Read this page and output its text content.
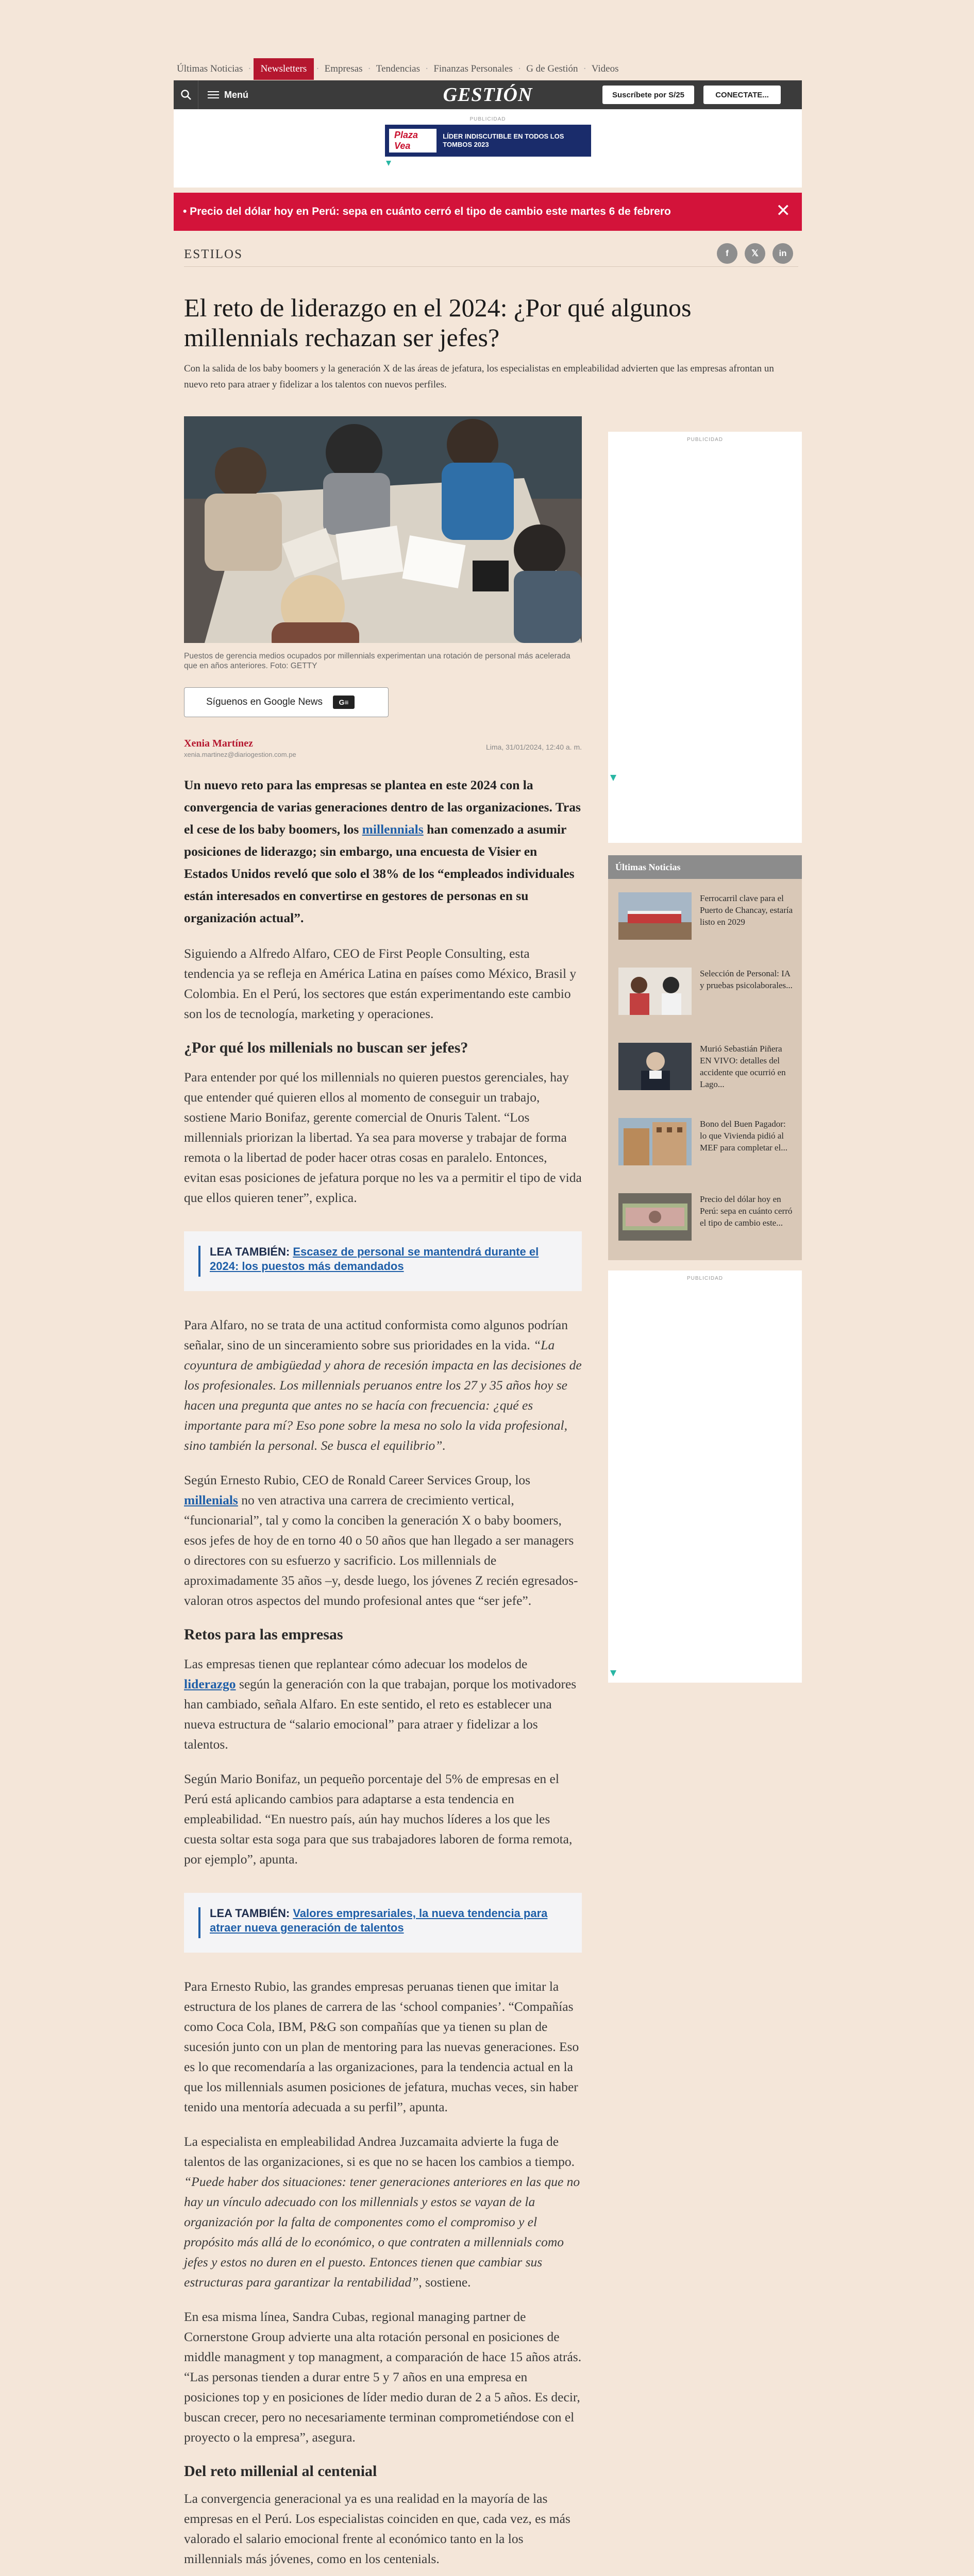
Últimas Noticias · Newsletters · Empresas · Tendencias · Finanzas Personales · G de Gestión · Videos
Menú	GESTIÓN	Suscríbete por S/25	CONECTATE...
PUBLICIDAD
Plaza Vea
LÍDER INDISCUTIBLE EN TODOS LOS TOMBOS 2023
• Precio del dólar hoy en Perú: sepa en cuánto cerró el tipo de cambio este martes 6 de febrero	✕
ESTILOS	f	𝕏	in
El reto de liderazgo en el 2024: ¿Por qué algunos millennials rechazan ser jefes?

Con la salida de los baby boomers y la generación X de las áreas de jefatura, los especialistas en empleabilidad advierten que las empresas afrontan un nuevo reto para atraer y fidelizar a los talentos con nuevos perfiles.

Puestos de gerencia medios ocupados por millennials experimentan una rotación de personal más acelerada que en años anteriores. Foto: GETTY

Síguenos en Google News	G≡
Xenia Martínez
xenia.martinez@diariogestion.com.pe
Lima, 31/01/2024, 12:40 a. m.

Un nuevo reto para las empresas se plantea en este 2024 con la convergencia de varias generaciones dentro de las organizaciones. Tras el cese de los baby boomers, los millennials han comenzado a asumir posiciones de liderazgo; sin embargo, una encuesta de Visier en Estados Unidos reveló que solo el 38% de los “empleados individuales están interesados en convertirse en gestores de personas en su organización actual”.

Siguiendo a Alfredo Alfaro, CEO de First People Consulting, esta tendencia ya se refleja en América Latina en países como México, Brasil y Colombia. En el Perú, los sectores que están experimentando este cambio son los de tecnología, marketing y operaciones.

¿Por qué los millenials no buscan ser jefes?

Para entender por qué los millennials no quieren puestos gerenciales, hay que entender qué quieren ellos al momento de conseguir un trabajo, sostiene Mario Bonifaz, gerente comercial de Onuris Talent. “Los millennials priorizan la libertad. Ya sea para moverse y trabajar de forma remota o la libertad de poder hacer otras cosas en paralelo. Entonces, evitan esas posiciones de jefatura porque no les va a permitir el tipo de vida que ellos quieren tener”, explica.

LEA TAMBIÉN: Escasez de personal se mantendrá durante el 2024: los puestos más demandados

Para Alfaro, no se trata de una actitud conformista como algunos podrían señalar, sino de un sinceramiento sobre sus prioridades en la vida. “La coyuntura de ambigüedad y ahora de recesión impacta en las decisiones de los profesionales. Los millennials peruanos entre los 27 y 35 años hoy se hacen una pregunta que antes no se hacía con frecuencia: ¿qué es importante para mí? Eso pone sobre la mesa no solo la vida profesional, sino también la personal. Se busca el equilibrio”.

Según Ernesto Rubio, CEO de Ronald Career Services Group, los millenials no ven atractiva una carrera de crecimiento vertical, “funcionarial”, tal y como la conciben la generación X o baby boomers, esos jefes de hoy de en torno 40 o 50 años que han llegado a ser managers o directores con su esfuerzo y sacrificio. Los millennials de aproximadamente 35 años –y, desde luego, los jóvenes Z recién egresados- valoran otros aspectos del mundo profesional antes que “ser jefe”.

Retos para las empresas

Las empresas tienen que replantear cómo adecuar los modelos de liderazgo según la generación con la que trabajan, porque los motivadores han cambiado, señala Alfaro. En este sentido, el reto es establecer una nueva estructura de “salario emocional” para atraer y fidelizar a los talentos.

Según Mario Bonifaz, un pequeño porcentaje del 5% de empresas en el Perú está aplicando cambios para adaptarse a esta tendencia en empleabilidad. “En nuestro país, aún hay muchos líderes a los que les cuesta soltar esta soga para que sus trabajadores laboren de forma remota, por ejemplo”, apunta.

LEA TAMBIÉN: Valores empresariales, la nueva tendencia para atraer nueva generación de talentos

Para Ernesto Rubio, las grandes empresas peruanas tienen que imitar la estructura de los planes de carrera de las ‘school companies’. “Compañías como Coca Cola, IBM, P&G son compañías que ya tienen su plan de sucesión junto con un plan de mentoring para las nuevas generaciones. Eso es lo que recomendaría a las organizaciones, para la tendencia actual en la que los millennials asumen posiciones de jefatura, muchas veces, sin haber tenido una mentoría adecuada a su perfil”, apunta.

La especialista en empleabilidad Andrea Juzcamaita advierte la fuga de talentos de las organizaciones, si es que no se hacen los cambios a tiempo. “Puede haber dos situaciones: tener generaciones anteriores en las que no hay un vínculo adecuado con los millennials y estos se vayan de la organización por la falta de componentes como el compromiso y el propósito más allá de lo económico, o que contraten a millennials como jefes y estos no duren en el puesto. Entonces tienen que cambiar sus estructuras para garantizar la rentabilidad”, sostiene.

En esa misma línea, Sandra Cubas, regional managing partner de Cornerstone Group advierte una alta rotación personal en posiciones de middle managment y top managment, a comparación de hace 15 años atrás. “Las personas tienden a durar entre 5 y 7 años en una empresa en posiciones top y en posiciones de líder medio duran de 2 a 5 años. Es decir, buscan crecer, pero no necesariamente terminan comprometiéndose con el proyecto o la empresa”, asegura.

Del reto millenial al centenial

La convergencia generacional ya es una realidad en la mayoría de las empresas en el Perú. Los especialistas coinciden en que, cada vez, es más valorado el salario emocional frente al económico tanto en la los millennials más jóvenes, como en los centenials.

PUBLICIDAD
Últimas Noticias
Ferrocarril clave para el Puerto de Chancay, estaría listo en 2029
Selección de Personal: IA y pruebas psicolaborales...
Murió Sebastián Piñera EN VIVO: detalles del accidente que ocurrió en Lago...
Bono del Buen Pagador: lo que Vivienda pidió al MEF para completar el...
Precio del dólar hoy en Perú: sepa en cuánto cerró el tipo de cambio este...
PUBLICIDAD
